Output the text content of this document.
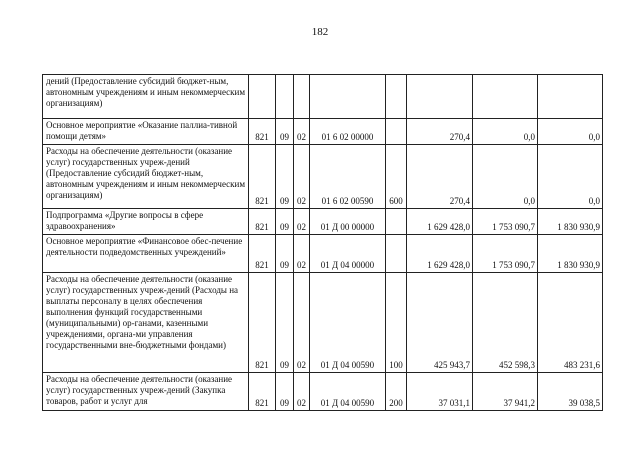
182
дений (Предоставление субсидий бюджет-ным, автономным учреждениям и иным некоммерческим организациям)								
Основное мероприятие «Оказание паллиа-тивной помощи детям»	821	09	02	01 6 02 00000		270,4	0,0	0,0
Расходы на обеспечение деятельности (оказание услуг) государственных учреж-дений (Предоставление субсидий бюджет-ным, автономным учреждениям и иным некоммерческим организациям)	821	09	02	01 6 02 00590	600	270,4	0,0	0,0
Подпрограмма «Другие вопросы в сфере здравоохранения»	821	09	02	01 Д 00 00000		1 629 428,0	1 753 090,7	1 830 930,9
Основное мероприятие «Финансовое обес-печение деятельности подведомственных учреждений»	821	09	02	01 Д 04 00000		1 629 428,0	1 753 090,7	1 830 930,9
Расходы на обеспечение деятельности (оказание услуг) государственных учреж-дений (Расходы на выплаты персоналу в целях обеспечения выполнения функций государственными (муниципальными) ор-ганами, казенными учреждениями, органа-ми управления государственными вне-бюджетными фондами)	821	09	02	01 Д 04 00590	100	425 943,7	452 598,3	483 231,6
Расходы на обеспечение деятельности (оказание услуг) государственных учреж-дений (Закупка товаров, работ и услуг для	821	09	02	01 Д 04 00590	200	37 031,1	37 941,2	39 038,5
